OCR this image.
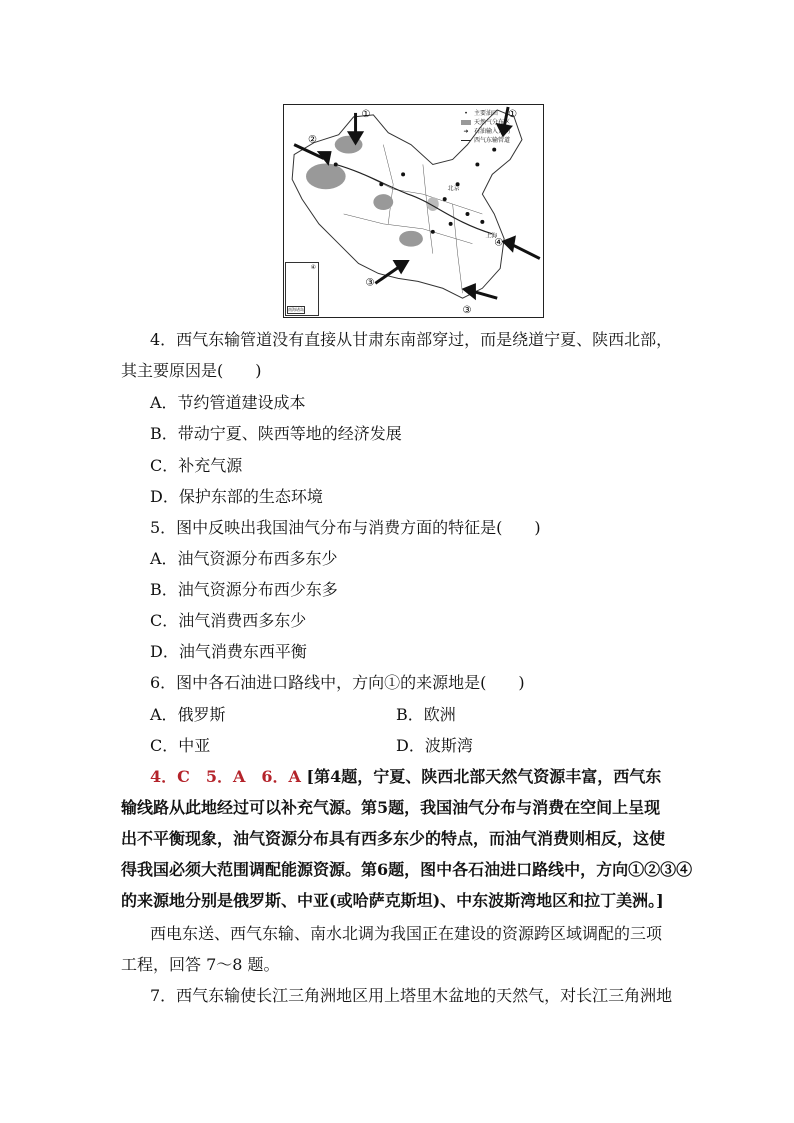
①	①
②
③
③
④
北京
上海
•	主要油田
天然气分布区
➜ 石油输入方向
西气东输管道
④
南海诸岛
4．西气东输管道没有直接从甘肃东南部穿过，而是绕道宁夏、陕西北部，
其主要原因是(　　)
A．节约管道建设成本
B．带动宁夏、陕西等地的经济发展
C．补充气源
D．保护东部的生态环境
5．图中反映出我国油气分布与消费方面的特征是(　　)
A．油气资源分布西多东少
B．油气资源分布西少东多
C．油气消费西多东少
D．油气消费东西平衡
6．图中各石油进口路线中，方向①的来源地是(　　)
A．俄罗斯	B．欧洲
C．中亚	D．波斯湾
4．C　5．A　6．A [第4题，宁夏、陕西北部天然气资源丰富，西气东
输线路从此地经过可以补充气源。第5题，我国油气分布与消费在空间上呈现
出不平衡现象，油气资源分布具有西多东少的特点，而油气消费则相反，这使
得我国必须大范围调配能源资源。第6题，图中各石油进口路线中，方向①②③④
的来源地分别是俄罗斯、中亚(或哈萨克斯坦)、中东波斯湾地区和拉丁美洲。]
西电东送、西气东输、南水北调为我国正在建设的资源跨区域调配的三项
工程，回答 7～8 题。
7．西气东输使长江三角洲地区用上塔里木盆地的天然气，对长江三角洲地
